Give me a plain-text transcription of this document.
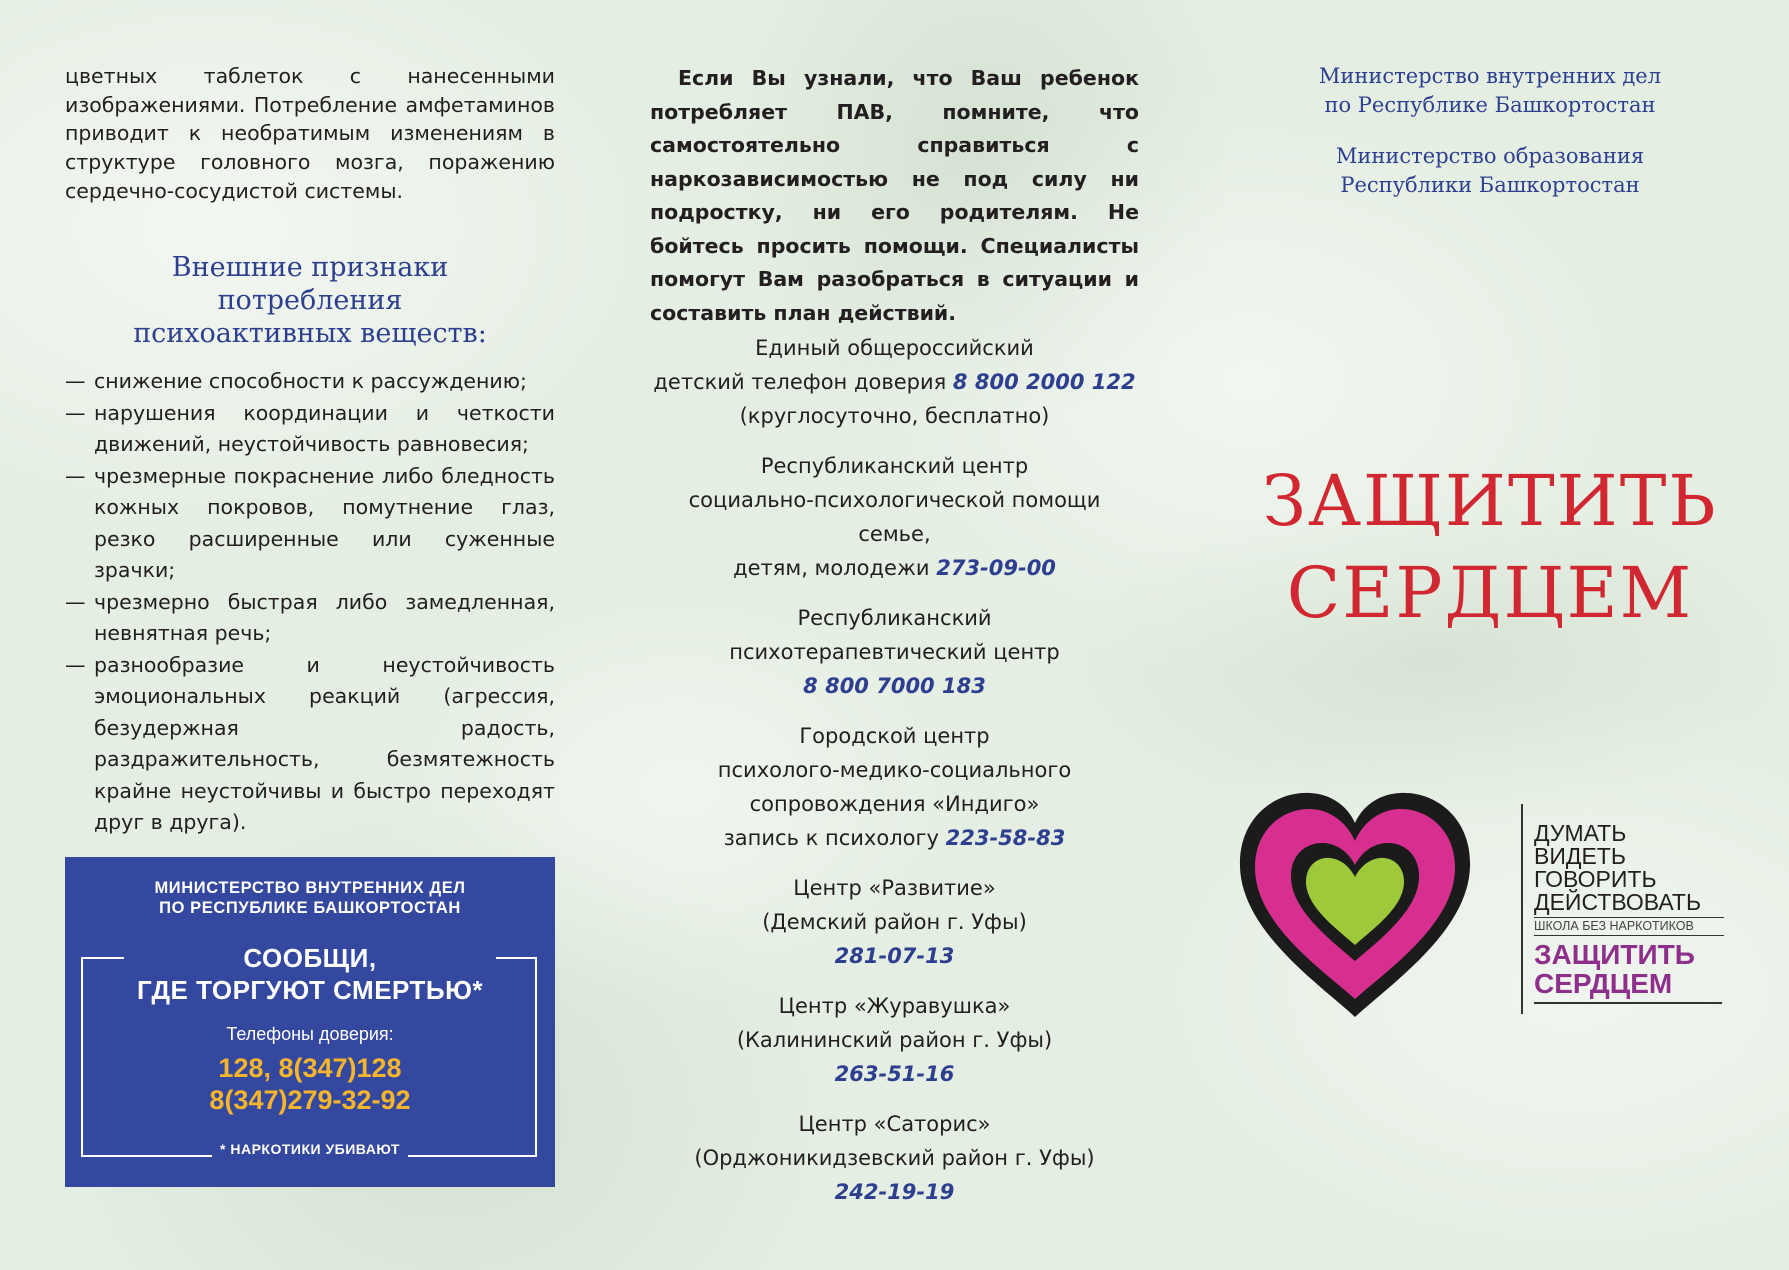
цветных таблеток с нанесенными изображениями. Потребление амфетаминов приводит к необратимым изменениям в структуре головного мозга, поражению сердечно-сосудистой системы.

Внешние признаки
потребления
психоактивных веществ:
— снижение способности к рассуждению;
— нарушения координации и четкости движений, неустойчивость равновесия;
— чрезмерные покраснение либо бледность кожных покровов, помутнение глаз, резко расширенные или суженные зрачки;
— чрезмерно быстрая либо замедленная, невнятная речь;
— разнообразие и неустойчивость эмоциональных реакций (агрессия, безудержная радость, раздражительность, безмятежность крайне неустойчивы и быстро переходят друг в друга).
МИНИСТЕРСТВО ВНУТРЕННИХ ДЕЛ
ПО РЕСПУБЛИКЕ БАШКОРТОСТАН
СООБЩИ,
ГДЕ ТОРГУЮТ СМЕРТЬЮ*
Телефоны доверия:
128, 8(347)128
8(347)279-32-92
* НАРКОТИКИ УБИВАЮТ

Если Вы узнали, что Ваш ребенок потребляет ПАВ, помните, что самостоятельно справиться с наркозависимостью не под силу ни подростку, ни его родителям. Не бойтесь просить помощи. Специалисты помогут Вам разобраться в ситуации и составить план действий.

Единый общероссийский
детский телефон доверия 8 800 2000 122
(круглосуточно, бесплатно)
Республиканский центр
социально-психологической помощи семье,
детям, молодежи 273-09-00
Республиканский
психотерапевтический центр
8 800 7000 183
Городской центр
психолого-медико-социального
сопровождения «Индиго»
запись к психологу 223-58-83
Центр «Развитие»
(Демский район г. Уфы)
281-07-13
Центр «Журавушка»
(Калининский район г. Уфы)
263-51-16
Центр «Саторис»
(Орджоникидзевский район г. Уфы)
242-19-19
Министерство внутренних дел
по Республике Башкортостан
Министерство образования
Республики Башкортостан
ЗАЩИТИТЬ
СЕРДЦЕМ
ДУМАТЬ
ВИДЕТЬ
ГОВОРИТЬ
ДЕЙСТВОВАТЬ
ШКОЛА БЕЗ НАРКОТИКОВ
ЗАЩИТИТЬ
СЕРДЦЕМ
